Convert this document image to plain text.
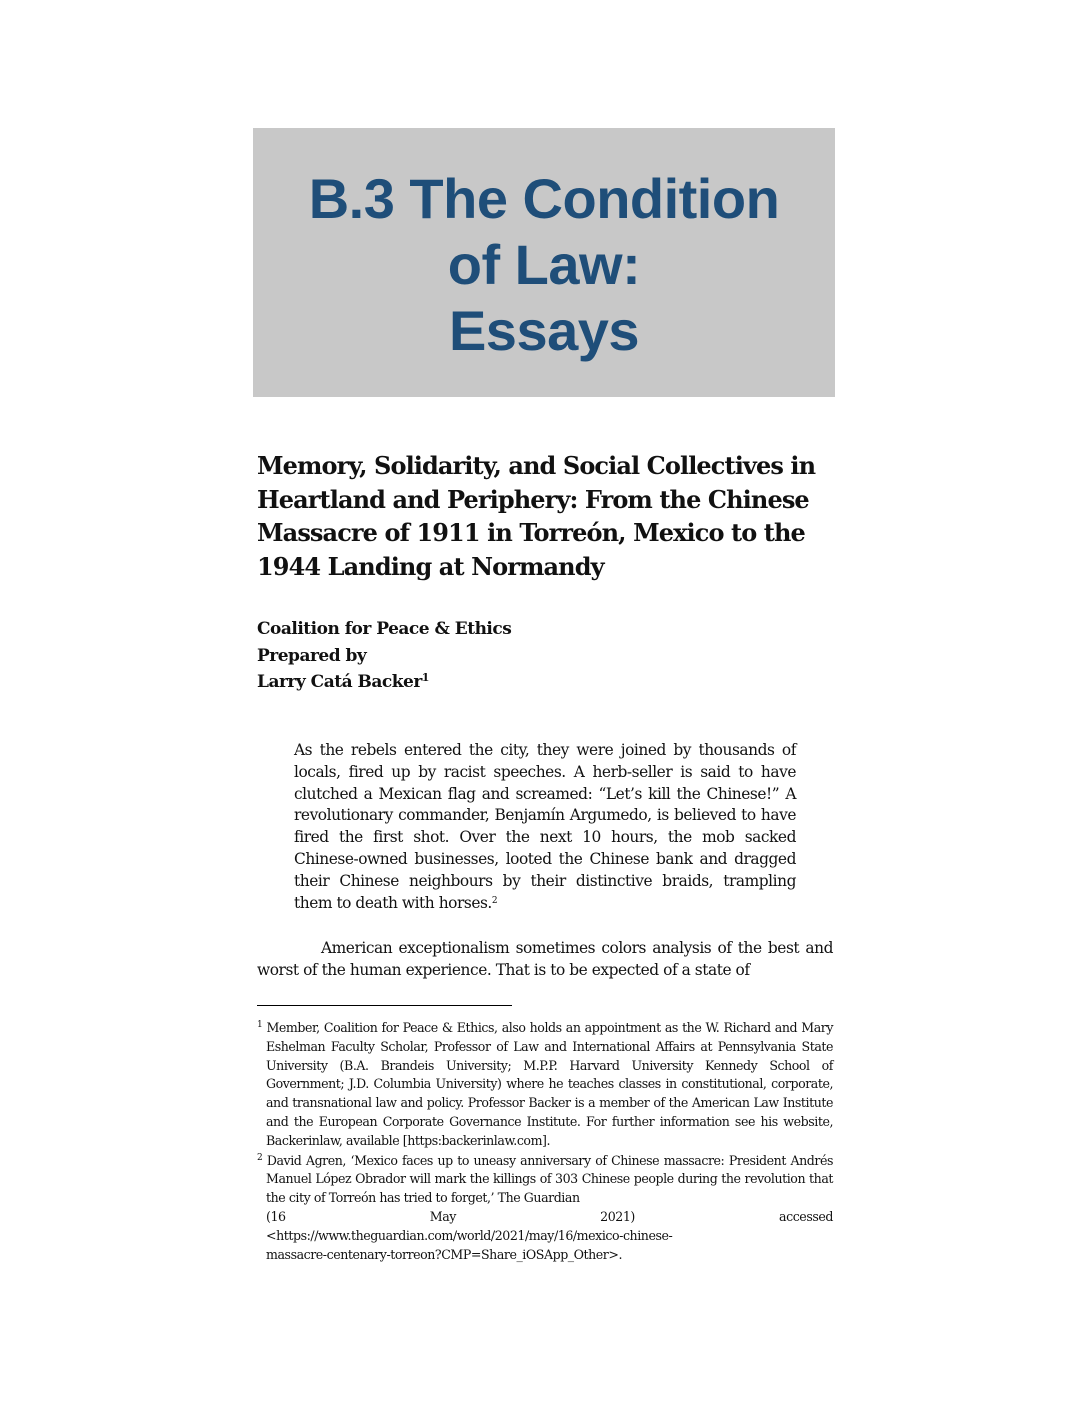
B.3 The Condition
of Law:
Essays
Memory, Solidarity, and Social Collectives in
Heartland and Periphery: From the Chinese
Massacre of 1911 in Torreón, Mexico to the
1944 Landing at Normandy
Coalition for Peace & Ethics
Prepared by
Larry Catá Backer$^1$

As the rebels entered the city, they were joined by thousands of locals, fired up by racist speeches. A herb-seller is said to have clutched a Mexican flag and screamed: “Let’s kill the Chinese!” A revolutionary commander, Benjamín Argumedo, is believed to have fired the first shot. Over the next 10 hours, the mob sacked Chinese-owned businesses, looted the Chinese bank and dragged their Chinese neighbours by their distinctive braids, trampling them to death with horses.$^2$

American exceptionalism sometimes colors analysis of the best and worst of the human experience. That is to be expected of a state of

$^1$ Member, Coalition for Peace & Ethics, also holds an appointment as the W. Richard and Mary Eshelman Faculty Scholar, Professor of Law and International Affairs at Pennsylvania State University (B.A. Brandeis University; M.P.P. Harvard University Kennedy School of Government; J.D. Columbia University) where he teaches classes in constitutional, corporate, and transnational law and policy. Professor Backer is a member of the American Law Institute and the European Corporate Governance Institute. For further information see his website, Backerinlaw, available [https:backerinlaw.com].

$^2$ David Agren, ‘Mexico faces up to uneasy anniversary of Chinese massacre: President Andrés Manuel López Obrador will mark the killings of 303 Chinese people during the revolution that the city of Torreón has tried to forget,’ The Guardian
(16	May	2021)	accessed
<https://www.theguardian.com/world/2021/may/16/mexico-chinese-
massacre-centenary-torreon?CMP=Share_iOSApp_Other>.
